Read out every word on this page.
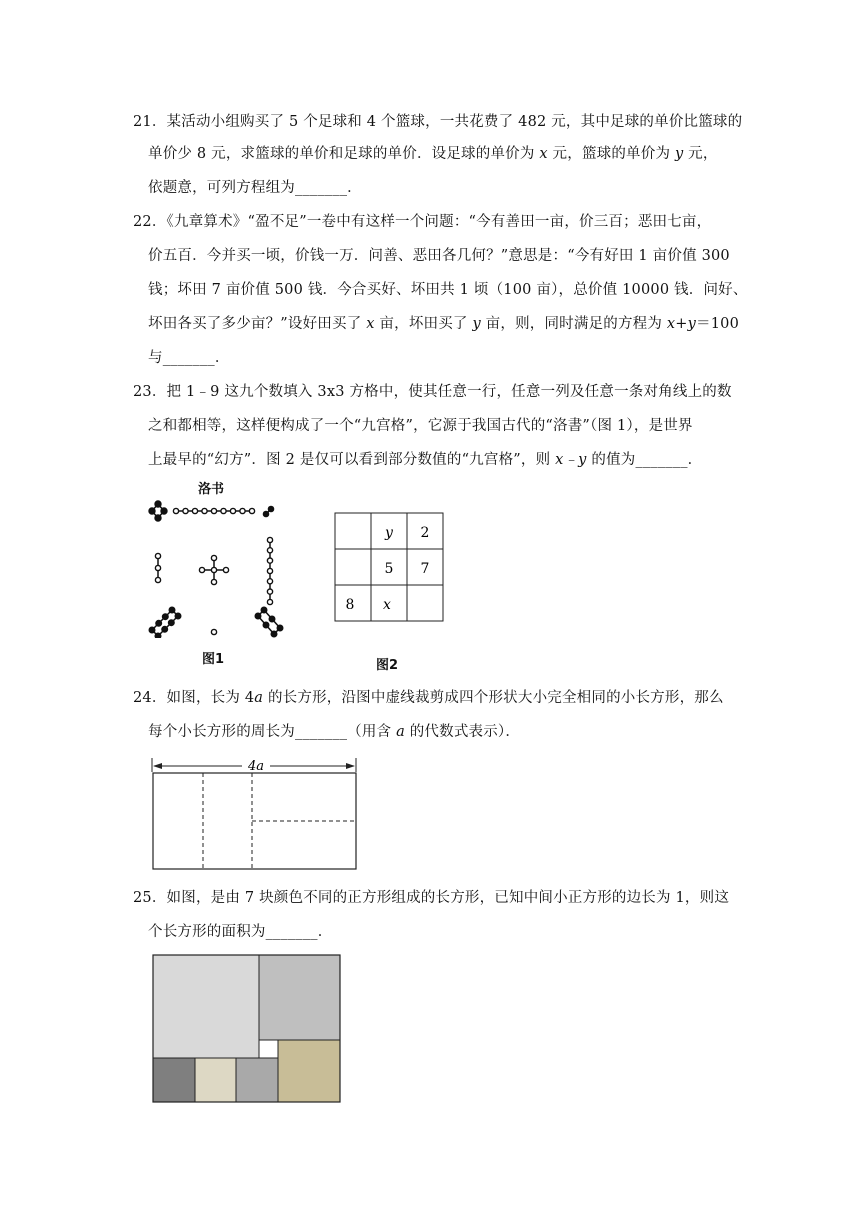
21．某活动小组购买了 5 个足球和 4 个篮球，一共花费了 482 元，其中足球的单价比篮球的
单价少 8 元，求篮球的单价和足球的单价．设足球的单价为 x 元，篮球的单价为 y 元，
依题意，可列方程组为_______．
22．《九章算术》“盈不足”一卷中有这样一个问题：“今有善田一亩，价三百；恶田七亩，
价五百．今并买一顷，价钱一万．问善、恶田各几何？”意思是：“今有好田 1 亩价值 300
钱；坏田 7 亩价值 500 钱．今合买好、坏田共 1 顷（100 亩），总价值 10000 钱．问好、
坏田各买了多少亩？”设好田买了 x 亩，坏田买了 y 亩，则，同时满足的方程为 x+y＝100
与_______．
23．把 1﹣9 这九个数填入 3x3 方格中，使其任意一行，任意一列及任意一条对角线上的数
之和都相等，这样便构成了一个“九宫格”，它源于我国古代的“洛書”（图 1），是世界
上最早的“幻方”．图 2 是仅可以看到部分数值的“九宫格”，则 x﹣y 的值为_______．
洛书
图1
y 2
5 7
8 x
图2
24．如图，长为 4a 的长方形，沿图中虚线裁剪成四个形状大小完全相同的小长方形，那么
每个小长方形的周长为_______（用含 a 的代数式表示）．
4a
25．如图，是由 7 块颜色不同的正方形组成的长方形，已知中间小正方形的边长为 1，则这
个长方形的面积为_______．
